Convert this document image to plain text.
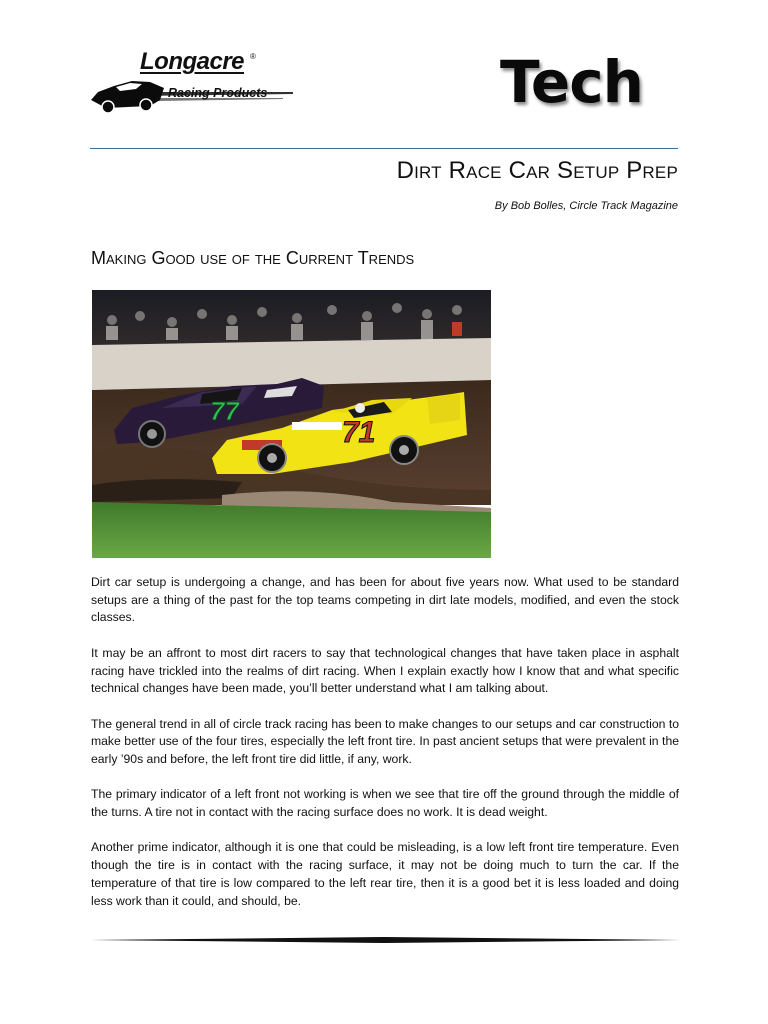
Longacre ®
Racing Products	Tech
Dirt Race Car Setup Prep
By Bob Bolles, Circle Track Magazine
Making Good use of the Current Trends
77
71

Dirt car setup is undergoing a change, and has been for about five years now. What used to be standard setups are a thing of the past for the top teams competing in dirt late models, modified, and even the stock classes.

It may be an affront to most dirt racers to say that technological changes that have taken place in asphalt racing have trickled into the realms of dirt racing. When I explain exactly how I know that and what specific technical changes have been made, you’ll better understand what I am talking about.

The general trend in all of circle track racing has been to make changes to our setups and car construction to make better use of the four tires, especially the left front tire. In past ancient setups that were prevalent in the early ’90s and before, the left front tire did little, if any, work.

The primary indicator of a left front not working is when we see that tire off the ground through the middle of the turns. A tire not in contact with the racing surface does no work. It is dead weight.

Another prime indicator, although it is one that could be misleading, is a low left front tire temperature. Even though the tire is in contact with the racing surface, it may not be doing much to turn the car. If the temperature of that tire is low compared to the left rear tire, then it is a good bet it is less loaded and doing less work than it could, and should, be.
